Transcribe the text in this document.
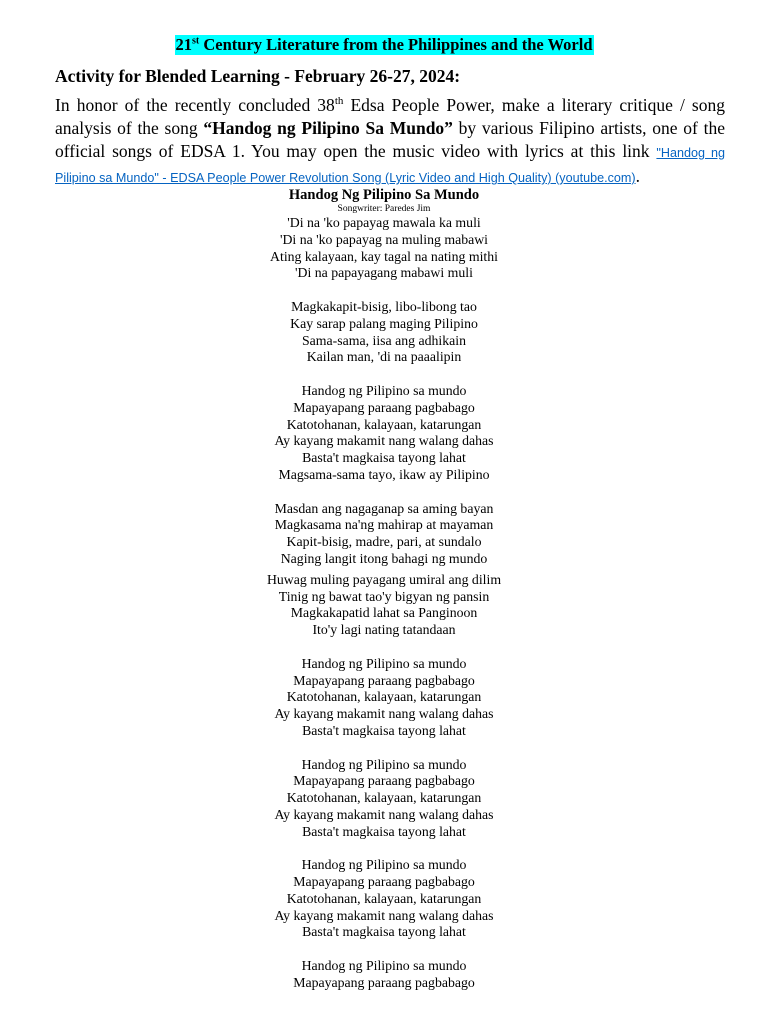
21st Century Literature from the Philippines and the World
Activity for Blended Learning - February 26-27, 2024:
In honor of the recently concluded 38th Edsa People Power, make a literary critique / song analysis of the song “Handog ng Pilipino Sa Mundo” by various Filipino artists, one of the official songs of EDSA 1. You may open the music video with lyrics at this link "Handog ng Pilipino sa Mundo" - EDSA People Power Revolution Song (Lyric Video and High Quality) (youtube.com).
Handog Ng Pilipino Sa Mundo
Songwriter: Paredes Jim
'Di na 'ko papayag mawala ka muli
'Di na 'ko papayag na muling mabawi
Ating kalayaan, kay tagal na nating mithi
'Di na papayagang mabawi muli
Magkakapit-bisig, libo-libong tao
Kay sarap palang maging Pilipino
Sama-sama, iisa ang adhikain
Kailan man, 'di na paaalipin
Handog ng Pilipino sa mundo
Mapayapang paraang pagbabago
Katotohanan, kalayaan, katarungan
Ay kayang makamit nang walang dahas
Basta't magkaisa tayong lahat
Magsama-sama tayo, ikaw ay Pilipino
Masdan ang nagaganap sa aming bayan
Magkasama na'ng mahirap at mayaman
Kapit-bisig, madre, pari, at sundalo
Naging langit itong bahagi ng mundo
Huwag muling payagang umiral ang dilim
Tinig ng bawat tao'y bigyan ng pansin
Magkakapatid lahat sa Panginoon
Ito'y lagi nating tatandaan
Handog ng Pilipino sa mundo
Mapayapang paraang pagbabago
Katotohanan, kalayaan, katarungan
Ay kayang makamit nang walang dahas
Basta't magkaisa tayong lahat
Handog ng Pilipino sa mundo
Mapayapang paraang pagbabago
Katotohanan, kalayaan, katarungan
Ay kayang makamit nang walang dahas
Basta't magkaisa tayong lahat
Handog ng Pilipino sa mundo
Mapayapang paraang pagbabago
Katotohanan, kalayaan, katarungan
Ay kayang makamit nang walang dahas
Basta't magkaisa tayong lahat
Handog ng Pilipino sa mundo
Mapayapang paraang pagbabago
